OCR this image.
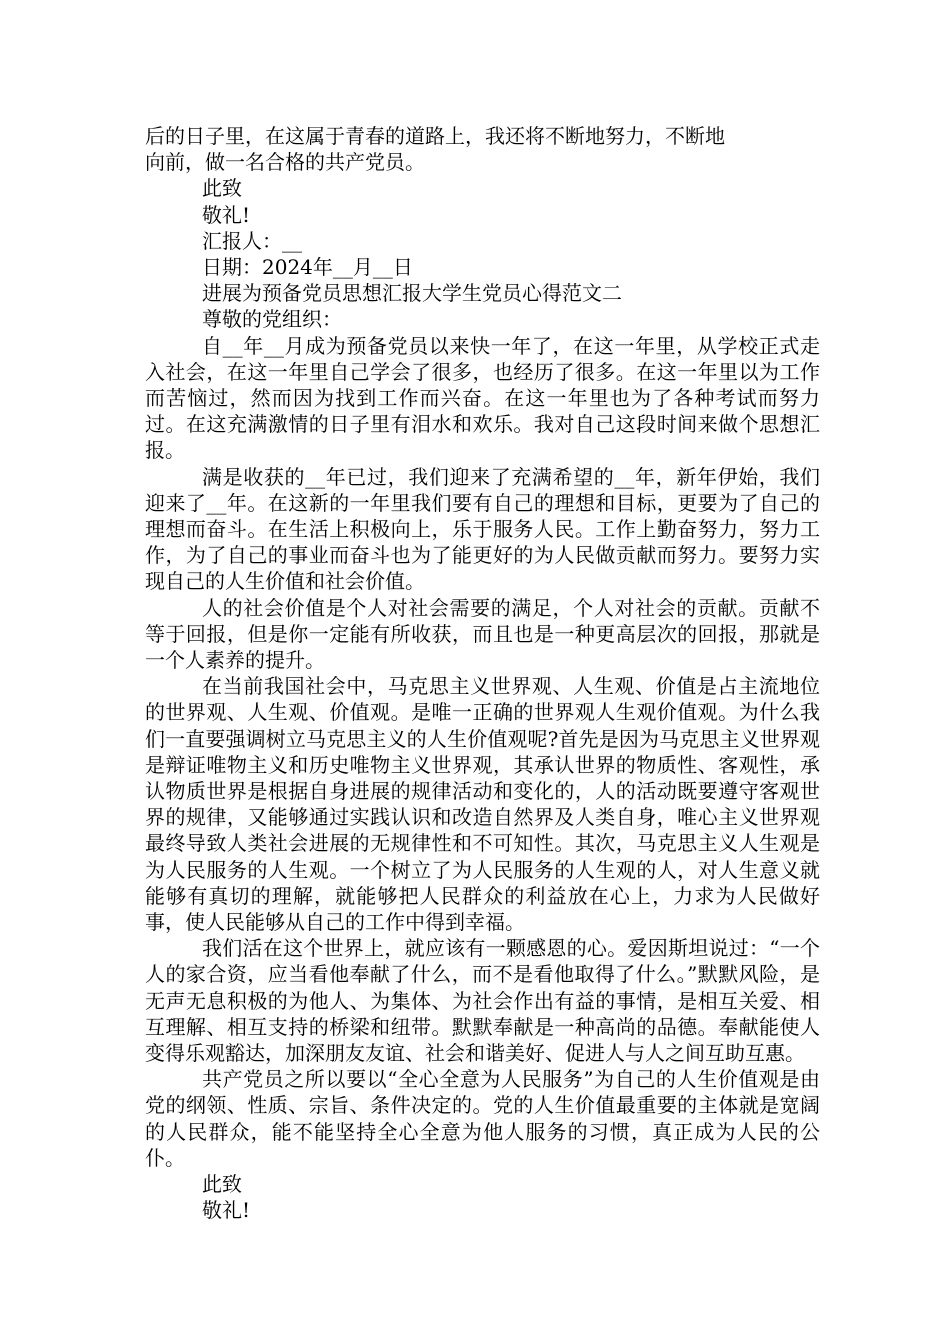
后的日子里，在这属于青春的道路上，我还将不断地努力，不断地
向前，做一名合格的共产党员。
此致
敬礼!
汇报人：__
日期：2024年__月__日
进展为预备党员思想汇报大学生党员心得范文二
尊敬的党组织：

自__年__月成为预备党员以来快一年了，在这一年里，从学校正式走入社会，在这一年里自己学会了很多，也经历了很多。在这一年里以为工作而苦恼过，然而因为找到工作而兴奋。在这一年里也为了各种考试而努力过。在这充满激情的日子里有泪水和欢乐。我对自己这段时间来做个思想汇报。

满是收获的__年已过，我们迎来了充满希望的__年，新年伊始，我们迎来了__年。在这新的一年里我们要有自己的理想和目标，更要为了自己的理想而奋斗。在生活上积极向上，乐于服务人民。工作上勤奋努力，努力工作，为了自己的事业而奋斗也为了能更好的为人民做贡献而努力。要努力实现自己的人生价值和社会价值。

人的社会价值是个人对社会需要的满足，个人对社会的贡献。贡献不等于回报，但是你一定能有所收获，而且也是一种更高层次的回报，那就是一个人素养的提升。

在当前我国社会中，马克思主义世界观、人生观、价值是占主流地位的世界观、人生观、价值观。是唯一正确的世界观人生观价值观。为什么我们一直要强调树立马克思主义的人生价值观呢?首先是因为马克思主义世界观是辩证唯物主义和历史唯物主义世界观，其承认世界的物质性、客观性，承认物质世界是根据自身进展的规律活动和变化的，人的活动既要遵守客观世界的规律，又能够通过实践认识和改造自然界及人类自身，唯心主义世界观最终导致人类社会进展的无规律性和不可知性。其次，马克思主义人生观是为人民服务的人生观。一个树立了为人民服务的人生观的人，对人生意义就能够有真切的理解，就能够把人民群众的利益放在心上，力求为人民做好事，使人民能够从自己的工作中得到幸福。

我们活在这个世界上，就应该有一颗感恩的心。爱因斯坦说过：“一个人的家合资，应当看他奉献了什么，而不是看他取得了什么。”默默风险，是无声无息积极的为他人、为集体、为社会作出有益的事情，是相互关爱、相互理解、相互支持的桥梁和纽带。默默奉献是一种高尚的品德。奉献能使人变得乐观豁达，加深朋友友谊、社会和谐美好、促进人与人之间互助互惠。

共产党员之所以要以“全心全意为人民服务”为自己的人生价值观是由党的纲领、性质、宗旨、条件决定的。党的人生价值最重要的主体就是宽阔的人民群众，能不能坚持全心全意为他人服务的习惯，真正成为人民的公仆。

此致
敬礼!
